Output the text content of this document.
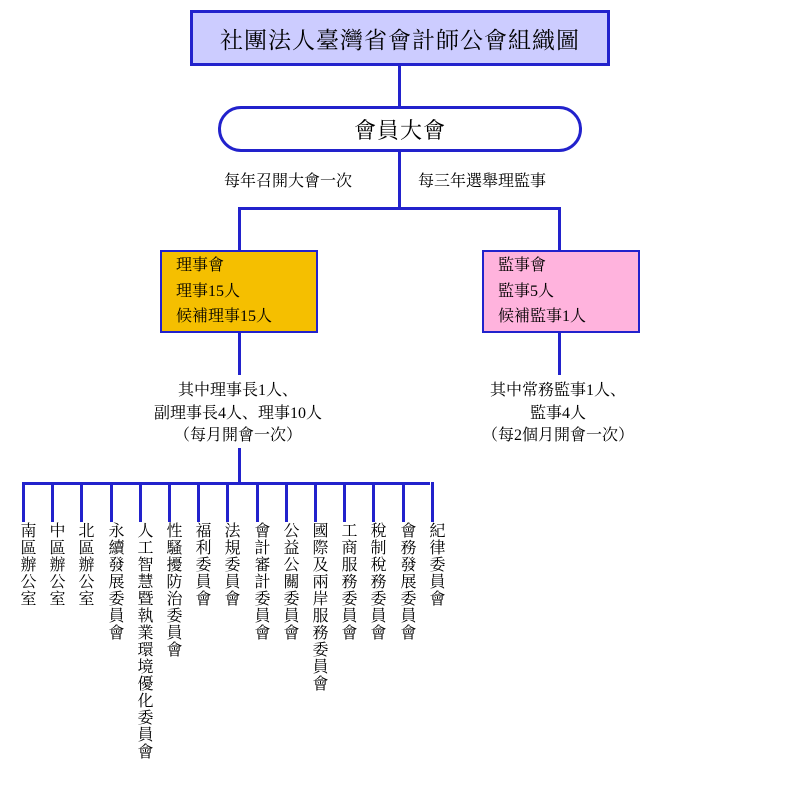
社團法人臺灣省會計師公會組織圖
會員大會
每年召開大會一次	每三年選舉理監事
理事會
理事15人
候補理事15人
監事會
監事5人
候補監事1人
其中理事長1人、
副理事長4人、理事10人
（每月開會一次）
其中常務監事1人、
監事4人
（每2個月開會一次）
南區辦公室 中區辦公室 北區辦公室 永續發展委員會 人工智慧暨執業環境優化委員會 性騷擾防治委員會 福利委員會 法規委員會 會計審計委員會 公益公關委員會 國際及兩岸服務委員會 工商服務委員會 稅制稅務委員會 會務發展委員會 紀律委員會
